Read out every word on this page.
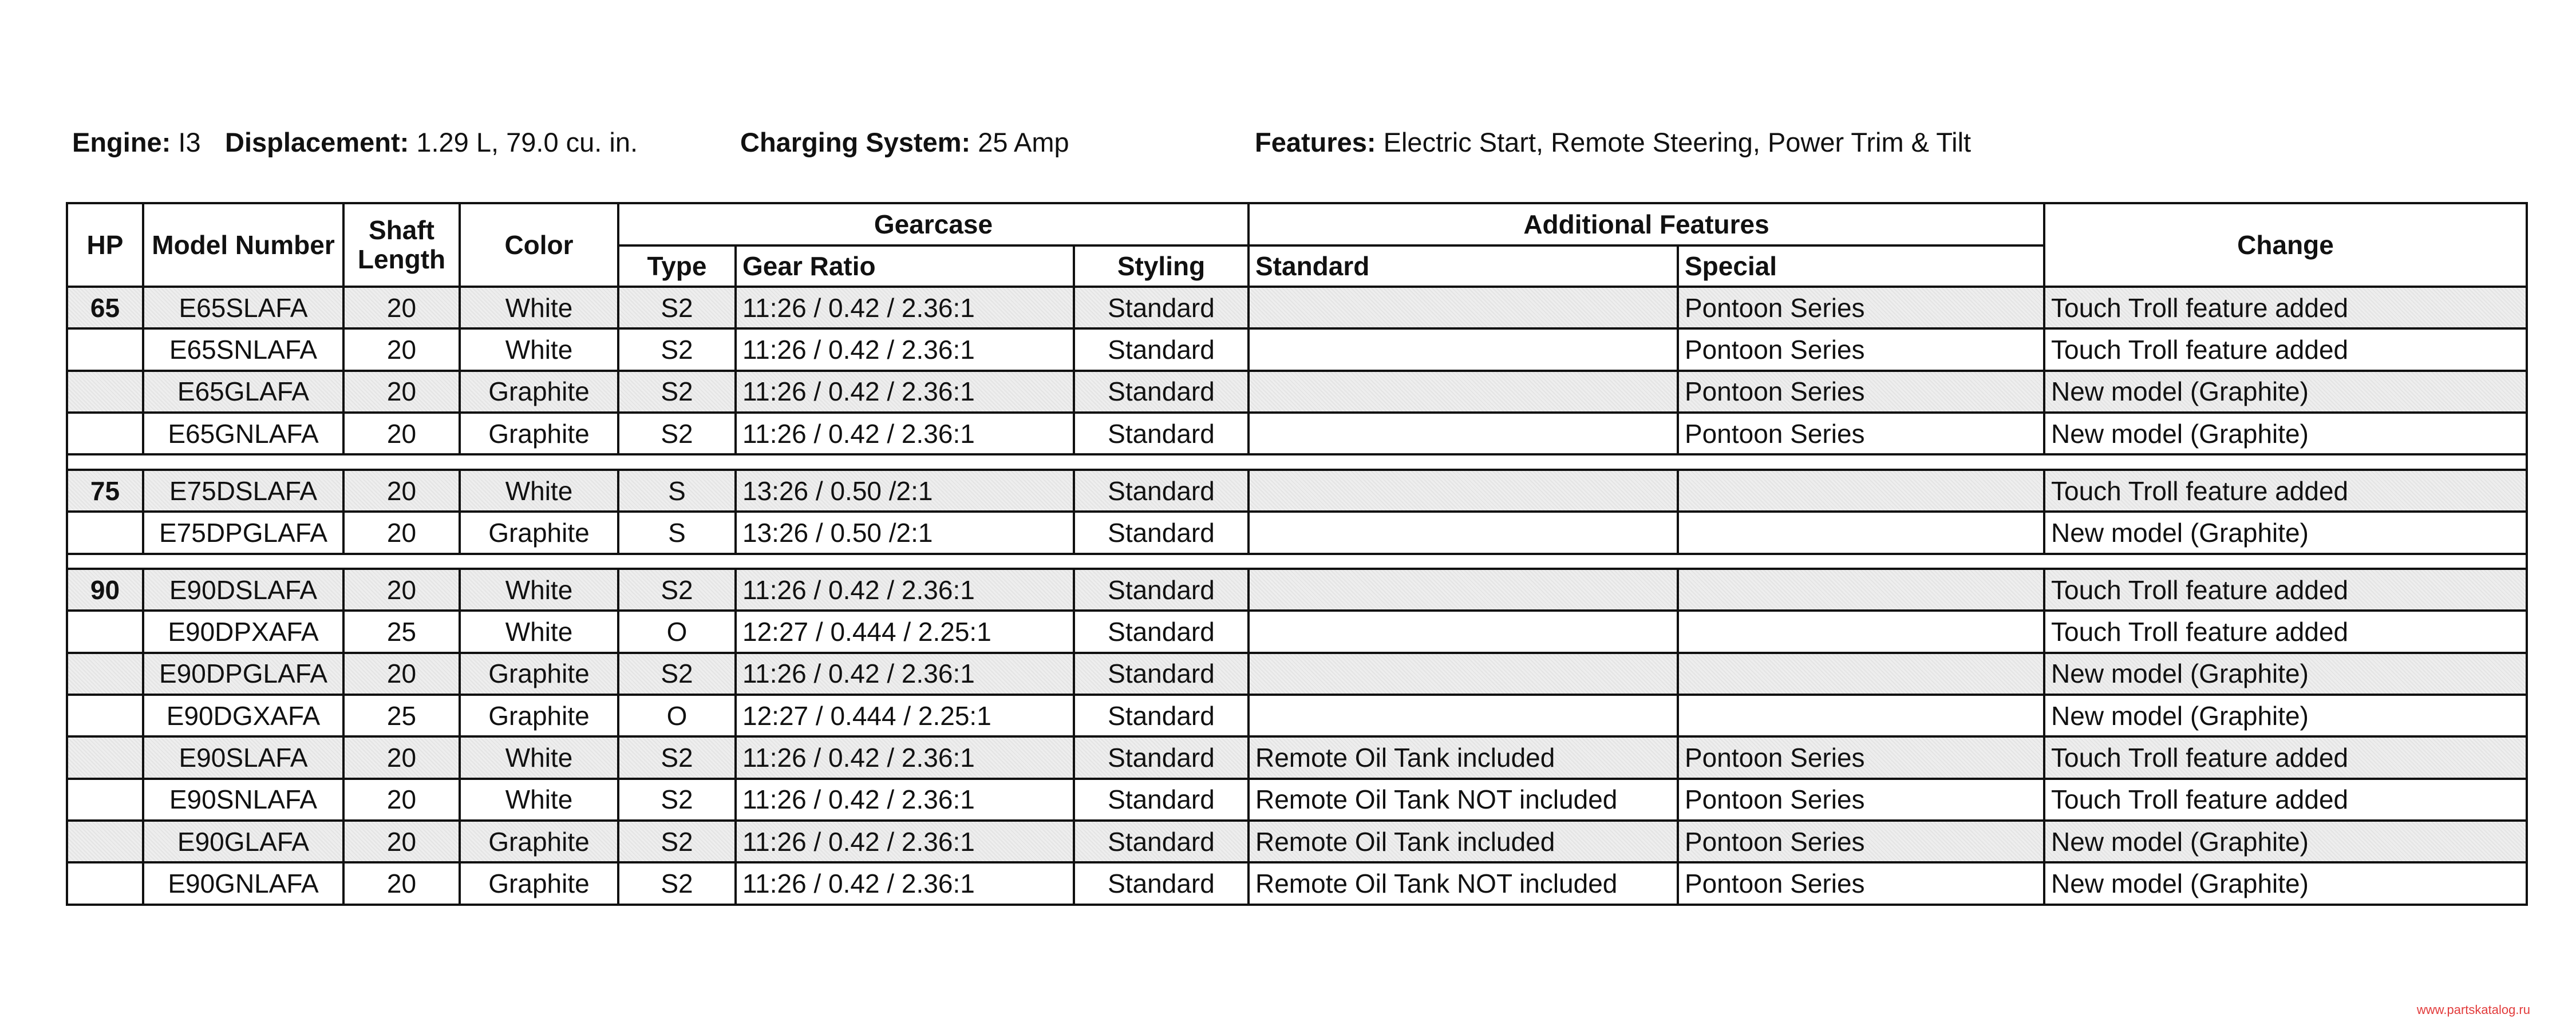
Engine: I3 Displacement: 1.29 L, 79.0 cu. in.	Charging System: 25 Amp	Features: Electric Start, Remote Steering, Power Trim & Tilt
HP	Model Number	Shaft Length	Color	Gearcase			Additional Features		Change
				Type	Gear Ratio	Styling	Standard	Special	
65	E65SLAFA	20	White	S2	11:26 / 0.42 / 2.36:1	Standard		Pontoon Series	Touch Troll feature added
	E65SNLAFA	20	White	S2	11:26 / 0.42 / 2.36:1	Standard		Pontoon Series	Touch Troll feature added
	E65GLAFA	20	Graphite	S2	11:26 / 0.42 / 2.36:1	Standard		Pontoon Series	New model (Graphite)
	E65GNLAFA	20	Graphite	S2	11:26 / 0.42 / 2.36:1	Standard		Pontoon Series	New model (Graphite)

75	E75DSLAFA	20	White	S	13:26 / 0.50 /2:1	Standard			Touch Troll feature added
	E75DPGLAFA	20	Graphite	S	13:26 / 0.50 /2:1	Standard			New model (Graphite)

90	E90DSLAFA	20	White	S2	11:26 / 0.42 / 2.36:1	Standard			Touch Troll feature added
	E90DPXAFA	25	White	O	12:27 / 0.444 / 2.25:1	Standard			Touch Troll feature added
	E90DPGLAFA	20	Graphite	S2	11:26 / 0.42 / 2.36:1	Standard			New model (Graphite)
	E90DGXAFA	25	Graphite	O	12:27 / 0.444 / 2.25:1	Standard			New model (Graphite)
	E90SLAFA	20	White	S2	11:26 / 0.42 / 2.36:1	Standard	Remote Oil Tank included	Pontoon Series	Touch Troll feature added
	E90SNLAFA	20	White	S2	11:26 / 0.42 / 2.36:1	Standard	Remote Oil Tank NOT included	Pontoon Series	Touch Troll feature added
	E90GLAFA	20	Graphite	S2	11:26 / 0.42 / 2.36:1	Standard	Remote Oil Tank included	Pontoon Series	New model (Graphite)
	E90GNLAFA	20	Graphite	S2	11:26 / 0.42 / 2.36:1	Standard	Remote Oil Tank NOT included	Pontoon Series	New model (Graphite)
www.partskatalog.ru
